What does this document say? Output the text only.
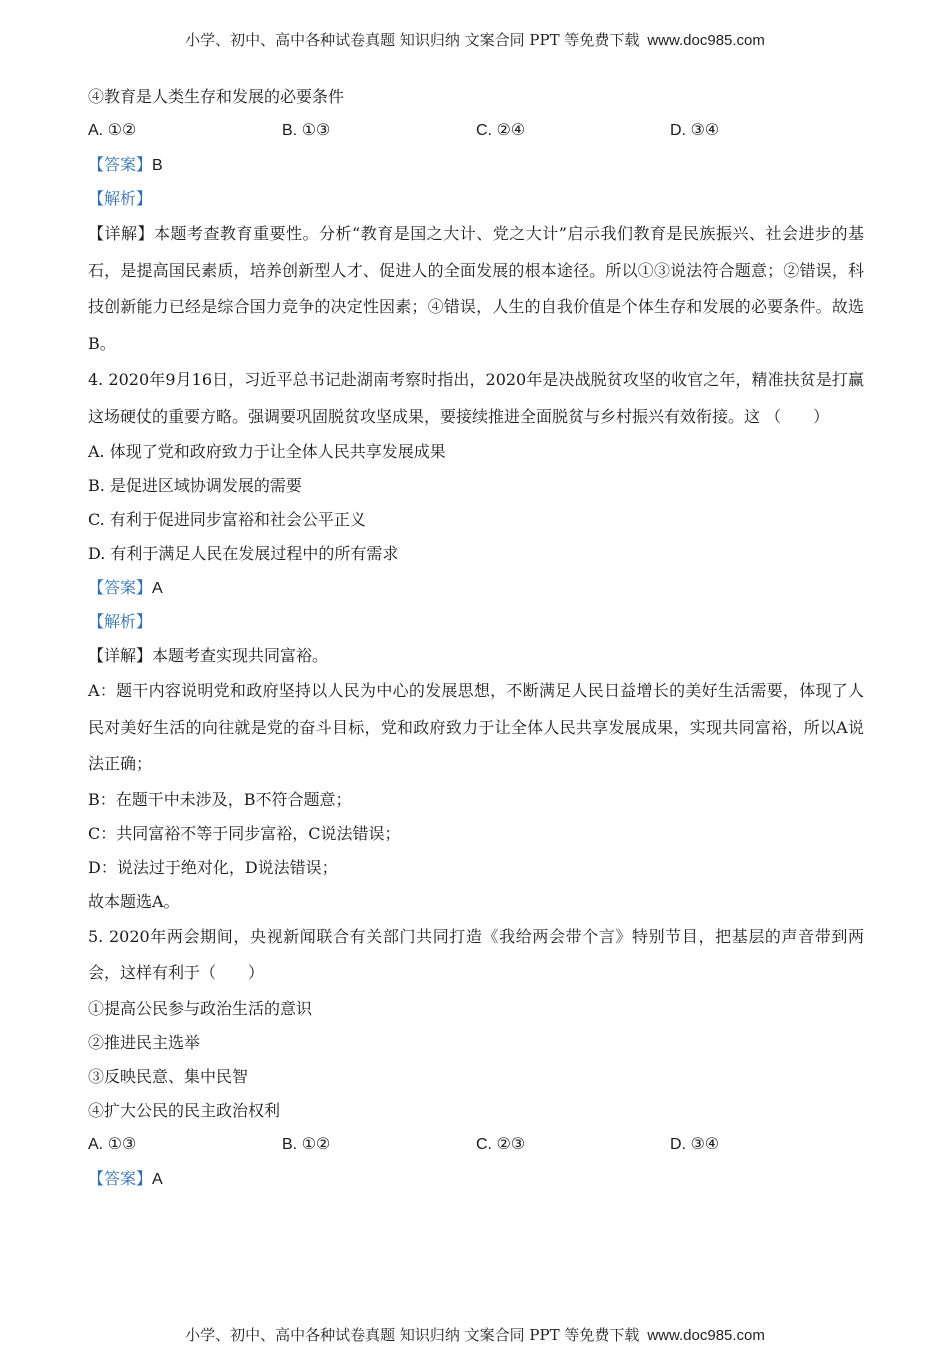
小学、初中、高中各种试卷真题 知识归纳 文案合同 PPT 等免费下载 www.doc985.com
④教育是人类生存和发展的必要条件
A. ①②	B. ①③	C. ②④	D. ③④
【答案】B
【解析】
【详解】本题考查教育重要性。分析“教育是国之大计、党之大计”启示我们教育是民族振兴、社会进步的基石，是提高国民素质，培养创新型人才、促进人的全面发展的根本途径。所以①③说法符合题意；②错误，科技创新能力已经是综合国力竞争的决定性因素；④错误，人生的自我价值是个体生存和发展的必要条件。故选B。
4. 2020年9月16日，习近平总书记赴湖南考察时指出，2020年是决战脱贫攻坚的收官之年，精准扶贫是打赢这场硬仗的重要方略。强调要巩固脱贫攻坚成果，要接续推进全面脱贫与乡村振兴有效衔接。这 （　　）
A. 体现了党和政府致力于让全体人民共享发展成果
B. 是促进区域协调发展的需要
C. 有利于促进同步富裕和社会公平正义
D. 有利于满足人民在发展过程中的所有需求
【答案】A
【解析】
【详解】本题考查实现共同富裕。
A：题干内容说明党和政府坚持以人民为中心的发展思想，不断满足人民日益增长的美好生活需要，体现了人民对美好生活的向往就是党的奋斗目标，党和政府致力于让全体人民共享发展成果，实现共同富裕，所以A说法正确；
B：在题干中未涉及，B不符合题意；
C：共同富裕不等于同步富裕，C说法错误；
D：说法过于绝对化，D说法错误；
故本题选A。
5. 2020年两会期间，央视新闻联合有关部门共同打造《我给两会带个言》特别节目，把基层的声音带到两会，这样有利于（　　）
①提高公民参与政治生活的意识
②推进民主选举
③反映民意、集中民智
④扩大公民的民主政治权利
A. ①③	B. ①②	C. ②③	D. ③④
【答案】A
小学、初中、高中各种试卷真题 知识归纳 文案合同 PPT 等免费下载 www.doc985.com
